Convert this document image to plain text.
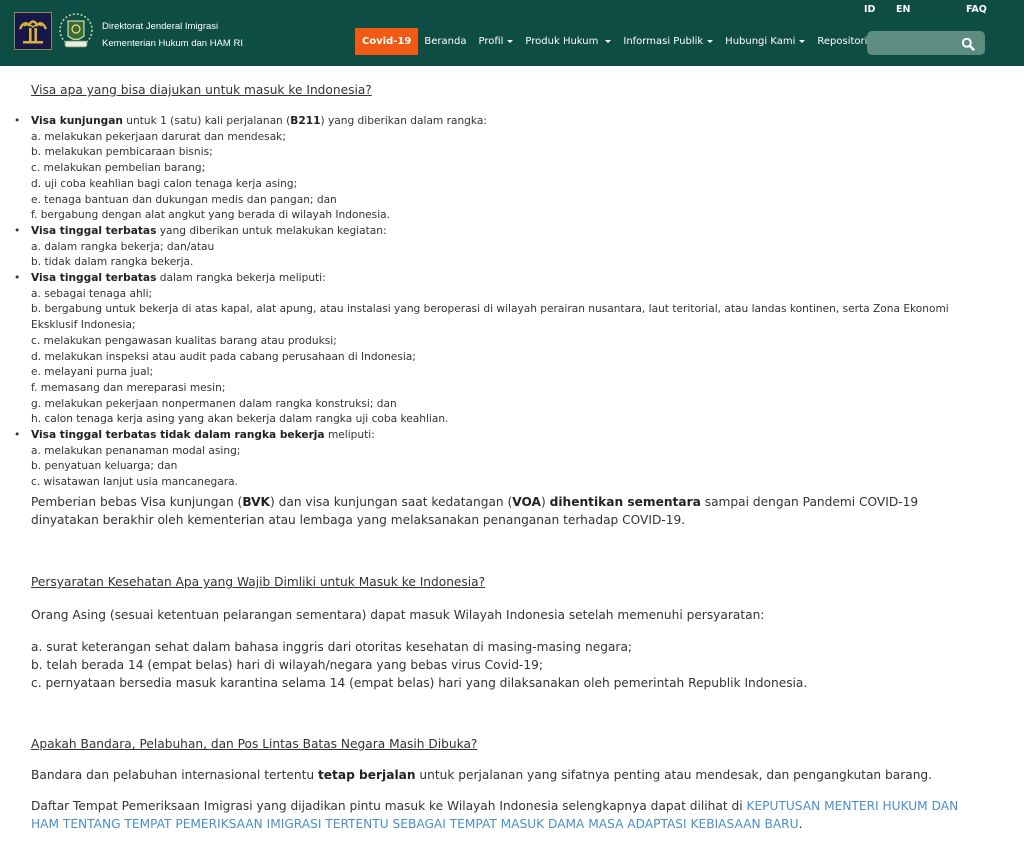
Direktorat Jenderal Imigrasi
Kementerian Hukum dan HAM RI
ID EN	FAQ
Covid-19 Beranda Profil Produk Hukum	Informasi Publik Hubungi Kami Repositori
Visa apa yang bisa diajukan untuk masuk ke Indonesia?
• Visa kunjungan untuk 1 (satu) kali perjalanan (B211) yang diberikan dalam rangka:
a. melakukan pekerjaan darurat dan mendesak;
b. melakukan pembicaraan bisnis;
c. melakukan pembelian barang;
d. uji coba keahlian bagi calon tenaga kerja asing;
e. tenaga bantuan dan dukungan medis dan pangan; dan
f. bergabung dengan alat angkut yang berada di wilayah Indonesia.
• Visa tinggal terbatas yang diberikan untuk melakukan kegiatan:
a. dalam rangka bekerja; dan/atau
b. tidak dalam rangka bekerja.
• Visa tinggal terbatas dalam rangka bekerja meliputi:
a. sebagai tenaga ahli;
b. bergabung untuk bekerja di atas kapal, alat apung, atau instalasi yang beroperasi di wilayah perairan nusantara, laut teritorial, atau landas kontinen, serta Zona Ekonomi Eksklusif Indonesia;
c. melakukan pengawasan kualitas barang atau produksi;
d. melakukan inspeksi atau audit pada cabang perusahaan di Indonesia;
e. melayani purna jual;
f. memasang dan mereparasi mesin;
g. melakukan pekerjaan nonpermanen dalam rangka konstruksi; dan
h. calon tenaga kerja asing yang akan bekerja dalam rangka uji coba keahlian.
• Visa tinggal terbatas tidak dalam rangka bekerja meliputi:
a. melakukan penanaman modal asing;
b. penyatuan keluarga; dan
c. wisatawan lanjut usia mancanegara.

Pemberian bebas Visa kunjungan (BVK) dan visa kunjungan saat kedatangan (VOA) dihentikan sementara sampai dengan Pandemi COVID-19 dinyatakan berakhir oleh kementerian atau lembaga yang melaksanakan penanganan terhadap COVID-19.

Persyaratan Kesehatan Apa yang Wajib Dimliki untuk Masuk ke Indonesia?

Orang Asing (sesuai ketentuan pelarangan sementara) dapat masuk Wilayah Indonesia setelah memenuhi persyaratan:

a. surat keterangan sehat dalam bahasa inggris dari otoritas kesehatan di masing-masing negara;
b. telah berada 14 (empat belas) hari di wilayah/negara yang bebas virus Covid-19;
c. pernyataan bersedia masuk karantina selama 14 (empat belas) hari yang dilaksanakan oleh pemerintah Republik Indonesia.
Apakah Bandara, Pelabuhan, dan Pos Lintas Batas Negara Masih Dibuka?

Bandara dan pelabuhan internasional tertentu tetap berjalan untuk perjalanan yang sifatnya penting atau mendesak, dan pengangkutan barang.

Daftar Tempat Pemeriksaan Imigrasi yang dijadikan pintu masuk ke Wilayah Indonesia selengkapnya dapat dilihat di KEPUTUSAN MENTERI HUKUM DAN HAM TENTANG TEMPAT PEMERIKSAAN IMIGRASI TERTENTU SEBAGAI TEMPAT MASUK DAMA MASA ADAPTASI KEBIASAAN BARU.
